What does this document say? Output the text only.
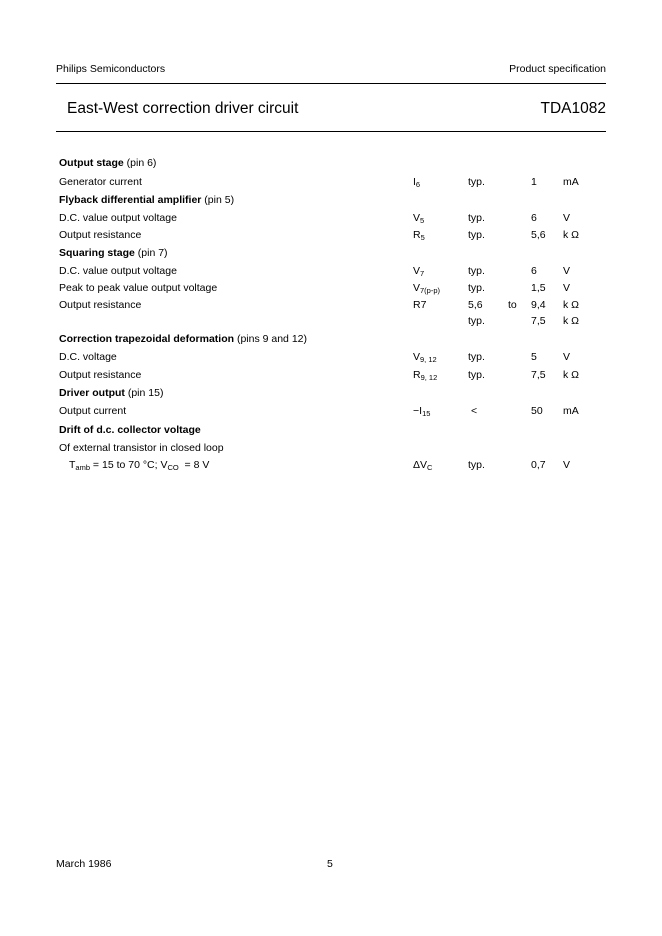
Philips Semiconductors	Product specification
East-West correction driver circuit	TDA1082
Output stage (pin 6)
Generator current	$I_6$	typ.	1 mA
Flyback differential amplifier (pin 5)
D.C. value output voltage	$V_5$	typ.	6 V
Output resistance	$R_5$	typ.	5,6 k Ω
Squaring stage (pin 7)
D.C. value output voltage	$V_7$	typ.	6 V
Peak to peak value output voltage	$V_{7(p-p)}$	typ.	1,5 V
Output resistance	R7	5,6 to 9,4 k Ω
typ.	7,5 k Ω
Correction trapezoidal deformation (pins 9 and 12)
D.C. voltage	$V_{9, 12}$	typ.	5 V
Output resistance	$R_{9, 12}$	typ.	7,5 k Ω
Driver output (pin 15)
Output current	$-I_{15}$	<	50 mA
Drift of d.c. collector voltage
Of external transistor in closed loop
$T_{amb} = 15$ to 70 °C; $V_{CO} = 8$ V	$\Delta V_C$	typ.	0,7 V
March 1986	5
